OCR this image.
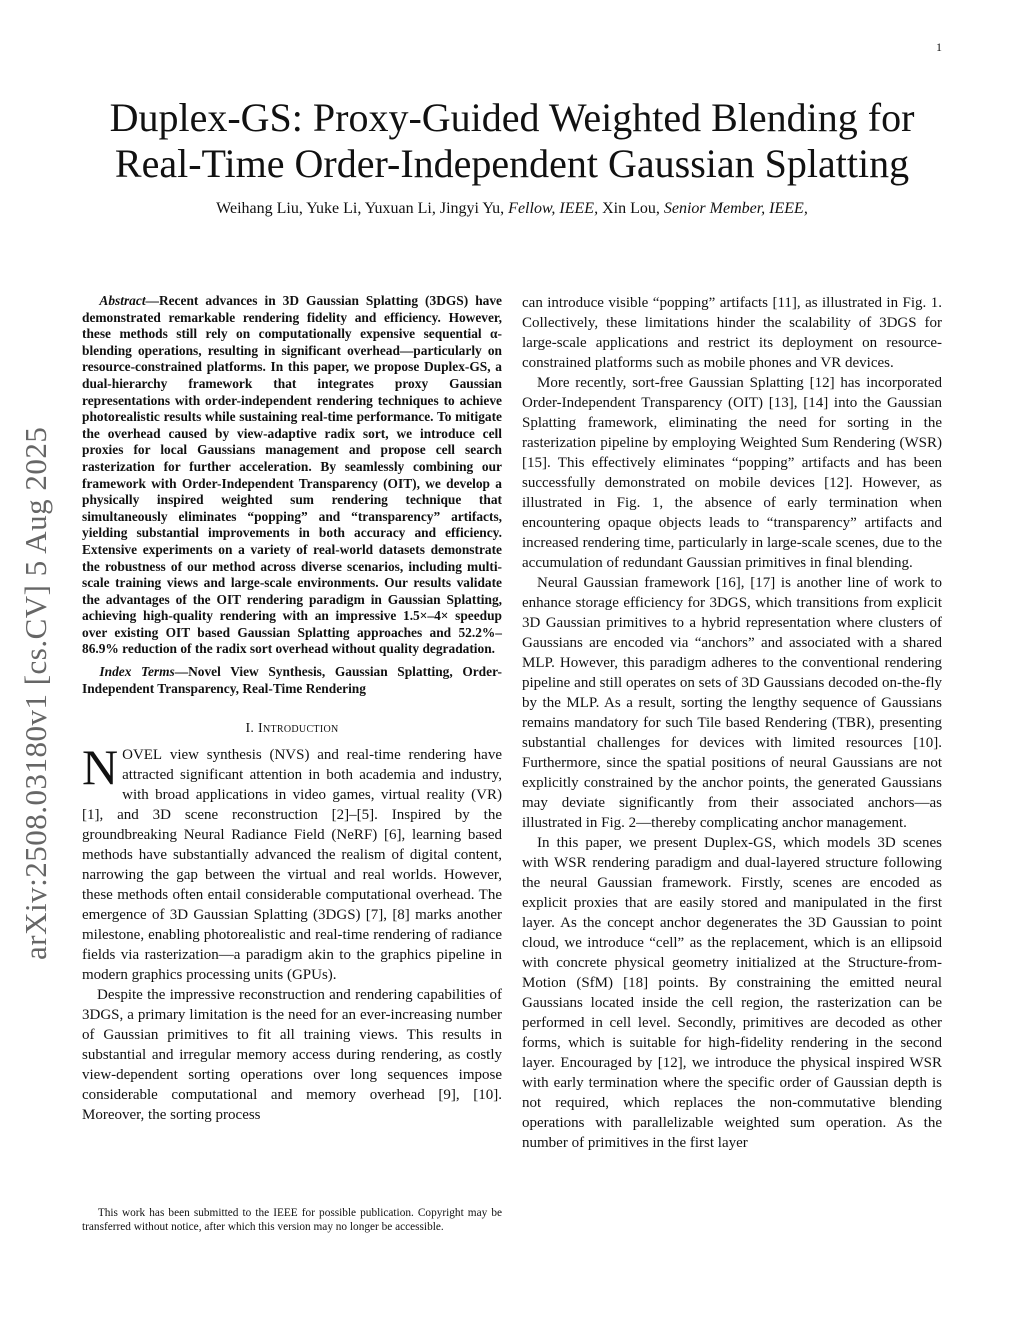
1
arXiv:2508.03180v1 [cs.CV] 5 Aug 2025
Duplex-GS: Proxy-Guided Weighted Blending for
Real-Time Order-Independent Gaussian Splatting
Weihang Liu, Yuke Li, Yuxuan Li, Jingyi Yu, Fellow, IEEE, Xin Lou, Senior Member, IEEE,

Abstract—Recent advances in 3D Gaussian Splatting (3DGS) have demonstrated remarkable rendering fidelity and efficiency. However, these methods still rely on computationally expensive sequential α-blending operations, resulting in significant overhead—particularly on resource-constrained platforms. In this paper, we propose Duplex-GS, a dual-hierarchy framework that integrates proxy Gaussian representations with order-independent rendering techniques to achieve photorealistic results while sustaining real-time performance. To mitigate the overhead caused by view-adaptive radix sort, we introduce cell proxies for local Gaussians management and propose cell search rasterization for further acceleration. By seamlessly combining our framework with Order-Independent Transparency (OIT), we develop a physically inspired weighted sum rendering technique that simultaneously eliminates “popping” and “transparency” artifacts, yielding substantial improvements in both accuracy and efficiency. Extensive experiments on a variety of real-world datasets demonstrate the robustness of our method across diverse scenarios, including multi-scale training views and large-scale environments. Our results validate the advantages of the OIT rendering paradigm in Gaussian Splatting, achieving high-quality rendering with an impressive 1.5×–4× speedup over existing OIT based Gaussian Splatting approaches and 52.2%–86.9% reduction of the radix sort overhead without quality degradation.

Index Terms—Novel View Synthesis, Gaussian Splatting, Order-Independent Transparency, Real-Time Rendering

I. Introduction

NOVEL view synthesis (NVS) and real-time rendering have attracted significant attention in both academia and industry, with broad applications in video games, virtual reality (VR) [1], and 3D scene reconstruction [2]–[5]. Inspired by the groundbreaking Neural Radiance Field (NeRF) [6], learning based methods have substantially advanced the realism of digital content, narrowing the gap between the virtual and real worlds. However, these methods often entail considerable computational overhead. The emergence of 3D Gaussian Splatting (3DGS) [7], [8] marks another milestone, enabling photorealistic and real-time rendering of radiance fields via rasterization—a paradigm akin to the graphics pipeline in modern graphics processing units (GPUs).

Despite the impressive reconstruction and rendering capabilities of 3DGS, a primary limitation is the need for an ever-increasing number of Gaussian primitives to fit all training views. This results in substantial and irregular memory access during rendering, as costly view-dependent sorting operations over long sequences impose considerable computational and memory overhead [9], [10]. Moreover, the sorting process

This work has been submitted to the IEEE for possible publication. Copyright may be transferred without notice, after which this version may no longer be accessible.

can introduce visible “popping” artifacts [11], as illustrated in Fig. 1. Collectively, these limitations hinder the scalability of 3DGS for large-scale applications and restrict its deployment on resource-constrained platforms such as mobile phones and VR devices.

More recently, sort-free Gaussian Splatting [12] has incorporated Order-Independent Transparency (OIT) [13], [14] into the Gaussian Splatting framework, eliminating the need for sorting in the rasterization pipeline by employing Weighted Sum Rendering (WSR) [15]. This effectively eliminates “popping” artifacts and has been successfully demonstrated on mobile devices [12]. However, as illustrated in Fig. 1, the absence of early termination when encountering opaque objects leads to “transparency” artifacts and increased rendering time, particularly in large-scale scenes, due to the accumulation of redundant Gaussian primitives in final blending.

Neural Gaussian framework [16], [17] is another line of work to enhance storage efficiency for 3DGS, which transitions from explicit 3D Gaussian primitives to a hybrid representation where clusters of Gaussians are encoded via “anchors” and associated with a shared MLP. However, this paradigm adheres to the conventional rendering pipeline and still operates on sets of 3D Gaussians decoded on-the-fly by the MLP. As a result, sorting the lengthy sequence of Gaussians remains mandatory for such Tile based Rendering (TBR), presenting substantial challenges for devices with limited resources [10]. Furthermore, since the spatial positions of neural Gaussians are not explicitly constrained by the anchor points, the generated Gaussians may deviate significantly from their associated anchors—as illustrated in Fig. 2—thereby complicating anchor management.

In this paper, we present Duplex-GS, which models 3D scenes with WSR rendering paradigm and dual-layered structure following the neural Gaussian framework. Firstly, scenes are encoded as explicit proxies that are easily stored and manipulated in the first layer. As the concept anchor degenerates the 3D Gaussian to point cloud, we introduce “cell” as the replacement, which is an ellipsoid with concrete physical geometry initialized at the Structure-from-Motion (SfM) [18] points. By constraining the emitted neural Gaussians located inside the cell region, the rasterization can be performed in cell level. Secondly, primitives are decoded as other forms, which is suitable for high-fidelity rendering in the second layer. Encouraged by [12], we introduce the physical inspired WSR with early termination where the specific order of Gaussian depth is not required, which replaces the non-commutative blending operations with parallelizable weighted sum operation. As the number of primitives in the first layer
